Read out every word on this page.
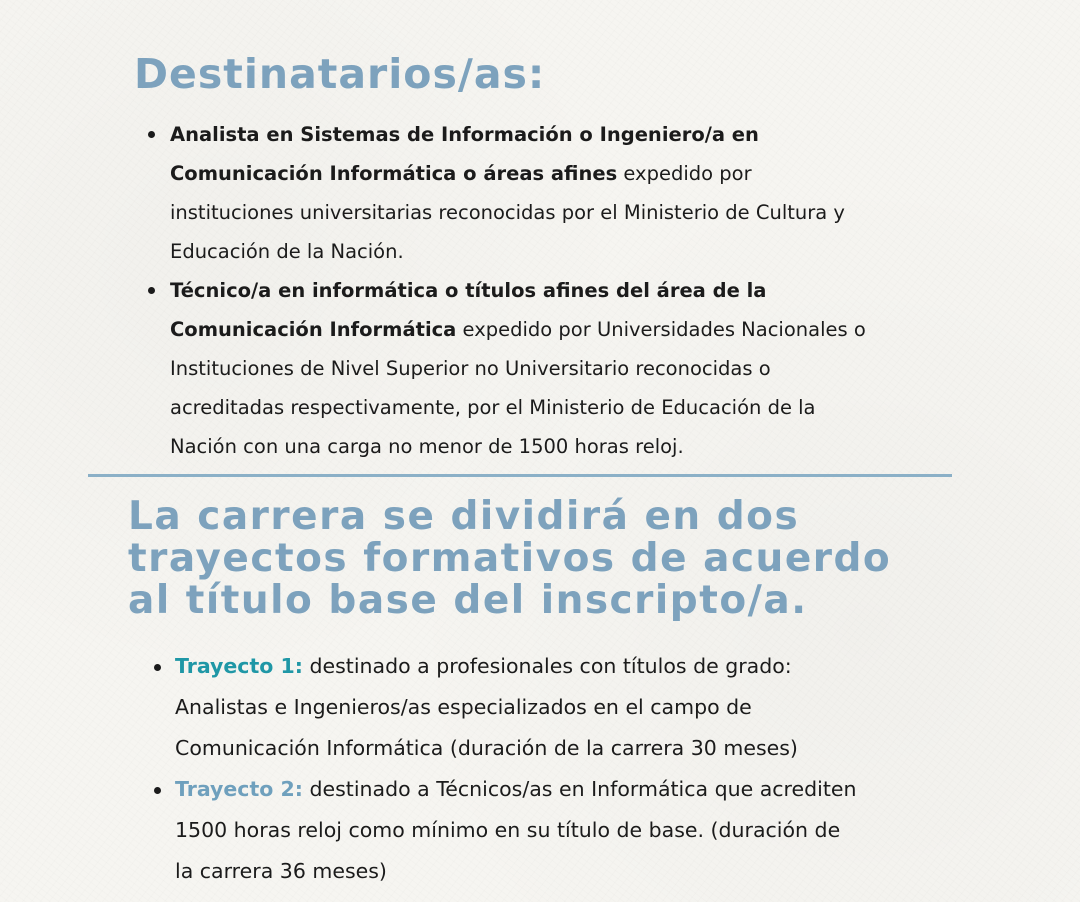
Destinatarios/as:
Analista en Sistemas de Información o Ingeniero/a en
Comunicación Informática o áreas afines expedido por
instituciones universitarias reconocidas por el Ministerio de Cultura y
Educación de la Nación.
Técnico/a en informática o títulos afines del área de la
Comunicación Informática expedido por Universidades Nacionales o
Instituciones de Nivel Superior no Universitario reconocidas o
acreditadas respectivamente, por el Ministerio de Educación de la
Nación con una carga no menor de 1500 horas reloj.
La carrera se dividirá en dos
trayectos formativos de acuerdo
al título base del inscripto/a.
Trayecto 1: destinado a profesionales con títulos de grado:
Analistas e Ingenieros/as especializados en el campo de
Comunicación Informática (duración de la carrera 30 meses)
Trayecto 2: destinado a Técnicos/as en Informática que acrediten
1500 horas reloj como mínimo en su título de base. (duración de
la carrera 36 meses)
